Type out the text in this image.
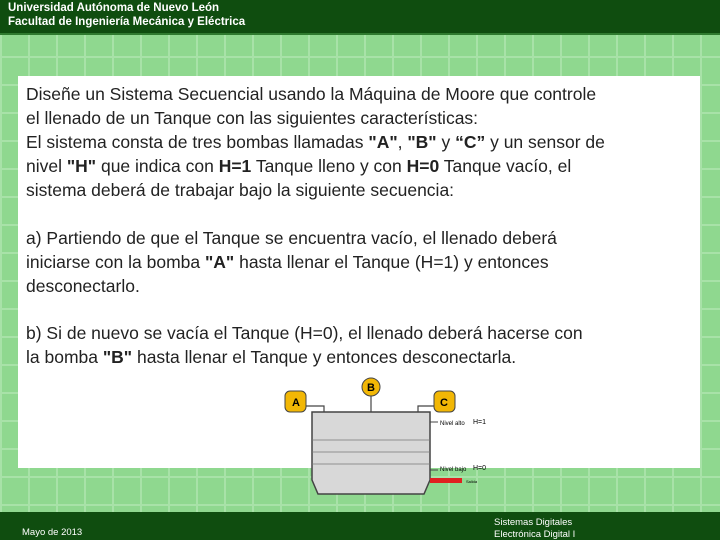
Universidad Autónoma de Nuevo León
Facultad de Ingeniería Mecánica y Eléctrica
Diseñe un Sistema Secuencial usando la Máquina de Moore que controle
el llenado de un Tanque con las siguientes características:
El sistema consta de tres bombas llamadas "A", "B" y “C” y un sensor de
nivel "H" que indica con H=1 Tanque lleno y con H=0 Tanque vacío, el
sistema deberá de trabajar bajo la siguiente secuencia:
a) Partiendo de que el Tanque se encuentra vacío, el llenado deberá
iniciarse con la bomba "A" hasta llenar el Tanque (H=1) y entonces
desconectarlo.
b) Si de nuevo se vacía el Tanque (H=0), el llenado deberá hacerse con
la bomba "B" hasta llenar el Tanque y entonces desconectarla.
B
A	C
Nivel alto H=1
Nivel bajo H=0
Salida
Mayo de 2013
Sistemas Digitales
Electrónica Digital I
